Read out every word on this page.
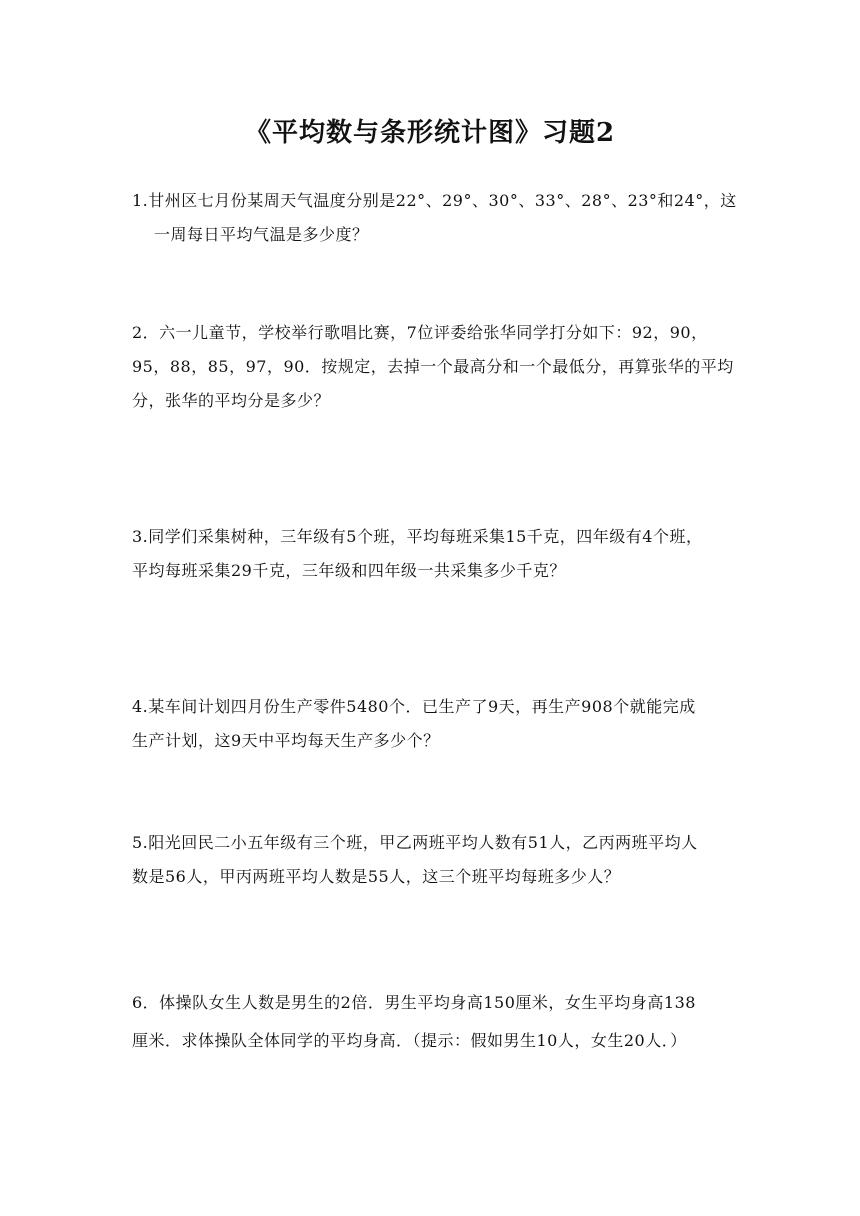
《平均数与条形统计图》习题2
1.甘州区七月份某周天气温度分别是22°、29°、30°、33°、28°、23°和24°，这
一周每日平均气温是多少度？
2．六一儿童节，学校举行歌唱比赛，7位评委给张华同学打分如下：92，90，
95，88，85，97，90．按规定，去掉一个最高分和一个最低分，再算张华的平均
分，张华的平均分是多少？
3.同学们采集树种，三年级有5个班，平均每班采集15千克，四年级有4个班，
平均每班采集29千克，三年级和四年级一共采集多少千克？
4.某车间计划四月份生产零件5480个．已生产了9天，再生产908个就能完成
生产计划，这9天中平均每天生产多少个？
5.阳光回民二小五年级有三个班，甲乙两班平均人数有51人，乙丙两班平均人
数是56人，甲丙两班平均人数是55人，这三个班平均每班多少人？
6．体操队女生人数是男生的2倍．男生平均身高150厘米，女生平均身高138
厘米．求体操队全体同学的平均身高．（提示：假如男生10人，女生20人．）
